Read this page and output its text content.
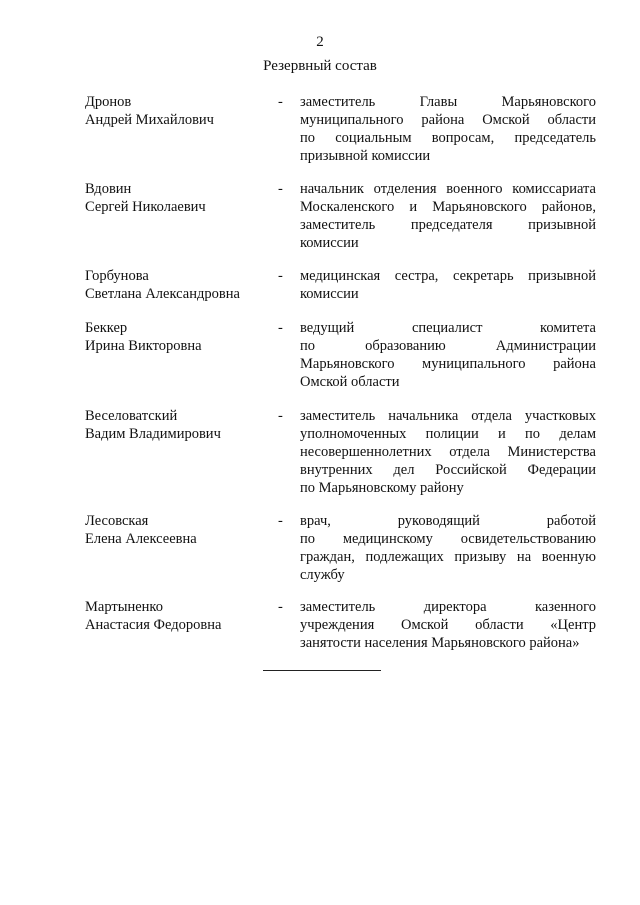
2
Резервный состав
Дронов
Андрей Михайлович
-	заместитель Главы Марьяновского
муниципального района Омской области
по социальным вопросам, председатель
призывной комиссии
Вдовин
Сергей Николаевич
-	начальник отделения военного комиссариата
Москаленского и Марьяновского районов,
заместитель председателя призывной
комиссии
Горбунова
Светлана Александровна
-	медицинская сестра, секретарь призывной
комиссии
Беккер
Ирина Викторовна
-	ведущий специалист комитета
по образованию Администрации
Марьяновского муниципального района
Омской области
Веселоватский
Вадим Владимирович
-	заместитель начальника отдела участковых
уполномоченных полиции и по делам
несовершеннолетних отдела Министерства
внутренних дел Российской Федерации
по Марьяновскому району
Лесовская
Елена Алексеевна
-	врач, руководящий работой
по медицинскому освидетельствованию
граждан, подлежащих призыву на военную
службу
Мартыненко
Анастасия Федоровна
-	заместитель директора казенного
учреждения Омской области «Центр
занятости населения Марьяновского района»
